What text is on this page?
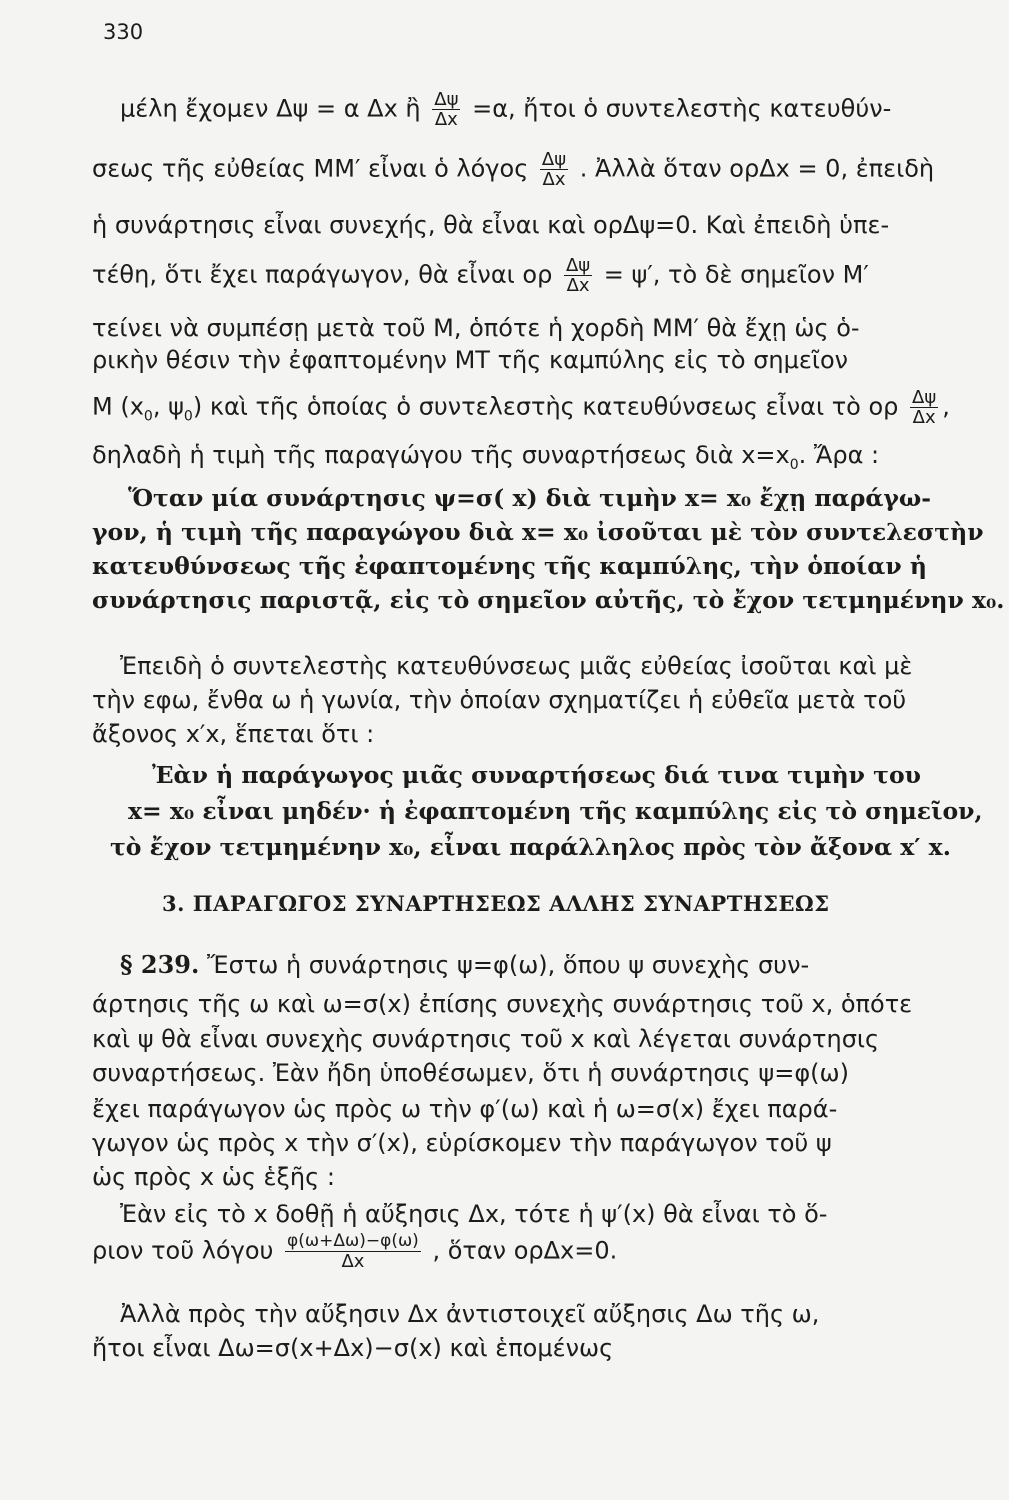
330
μέλη ἔχομεν Δψ = α Δx ἢ $\frac{\Delta\psi}{\Delta x} =\alpha$, ἤτοι ὁ συντελεστὴς κατευθύν-
σεως τῆς εὐθείας ΜΜ′ εἶναι ὁ λόγος $\frac{\Delta\psi}{\Delta x}$ . Ἀλλὰ ὅταν ορΔx = 0, ἐπειδὴ
ἡ συνάρτησις εἶναι συνεχής, θὰ εἶναι καὶ ορΔψ=0. Καὶ ἐπειδὴ ὑπε-
τέθη, ὅτι ἔχει παράγωγον, θὰ εἶναι ορ $\frac{\Delta\psi}{\Delta x} = \psi'$, τὸ δὲ σημεῖον Μ′
τείνει νὰ συμπέσῃ μετὰ τοῦ Μ, ὁπότε ἡ χορδὴ ΜΜ′ θὰ ἔχῃ ὡς ὁ-
ρικὴν θέσιν τὴν ἐφαπτομένην ΜΤ τῆς καμπύλης εἰς τὸ σημεῖον
Μ ($x_0$, $\psi_0$) καὶ τῆς ὁποίας ὁ συντελεστὴς κατευθύνσεως εἶναι τὸ ορ $\frac{\Delta\psi}{\Delta x}$ ,
δηλαδὴ ἡ τιμὴ τῆς παραγώγου τῆς συναρτήσεως διὰ $x=x_0$. Ἄρα :
Ὅταν μία συνάρτησις ψ=σ( x) διὰ τιμὴν x= x₀ ἔχῃ παράγω-
γον, ἡ τιμὴ τῆς παραγώγου διὰ x= x₀ ἰσοῦται μὲ τὸν συντελεστὴν
κατευθύνσεως τῆς ἐφαπτομένης τῆς καμπύλης, τὴν ὁποίαν ἡ
συνάρτησις παριστᾷ, εἰς τὸ σημεῖον αὐτῆς, τὸ ἔχον τετμημένην x₀.
Ἐπειδὴ ὁ συντελεστὴς κατευθύνσεως μιᾶς εὐθείας ἰσοῦται καὶ μὲ
τὴν εφω, ἔνθα ω ἡ γωνία, τὴν ὁποίαν σχηματίζει ἡ εὐθεῖα μετὰ τοῦ
ἄξονος x′x, ἕπεται ὅτι :
Ἐὰν ἡ παράγωγος μιᾶς συναρτήσεως διά τινα τιμὴν του
x= x₀ εἶναι μηδέν· ἡ ἐφαπτομένη τῆς καμπύλης εἰς τὸ σημεῖον,
τὸ ἔχον τετμημένην x₀, εἶναι παράλληλος πρὸς τὸν ἄξονα x′ x.
3. ΠΑΡΑΓΩΓΟΣ ΣΥΝΑΡΤΗΣΕΩΣ ΑΛΛΗΣ ΣΥΝΑΡΤΗΣΕΩΣ
§ 239. Ἔστω ἡ συνάρτησις ψ=φ(ω), ὅπου ψ συνεχὴς συν-
άρτησις τῆς ω καὶ ω=σ(x) ἐπίσης συνεχὴς συνάρτησις τοῦ x, ὁπότε
καὶ ψ θὰ εἶναι συνεχὴς συνάρτησις τοῦ x καὶ λέγεται συνάρτησις
συναρτήσεως. Ἐὰν ἤδη ὑποθέσωμεν, ὅτι ἡ συνάρτησις ψ=φ(ω)
ἔχει παράγωγον ὡς πρὸς ω τὴν φ′(ω) καὶ ἡ ω=σ(x) ἔχει παρά-
γωγον ὡς πρὸς x τὴν σ′(x), εὑρίσκομεν τὴν παράγωγον τοῦ ψ
ὡς πρὸς x ὡς ἑξῆς :
Ἐὰν εἰς τὸ x δοθῇ ἡ αὔξησις Δx, τότε ἡ ψ′(x) θὰ εἶναι τὸ ὅ-
ριον τοῦ λόγου $\frac{\varphi(\omega+\Delta\omega)-\varphi(\omega)}{\Delta x}$ , ὅταν ορΔx=0.
Ἀλλὰ πρὸς τὴν αὔξησιν Δx ἀντιστοιχεῖ αὔξησις Δω τῆς ω,
ἤτοι εἶναι Δω=σ(x+Δx)−σ(x) καὶ ἑπομένως
